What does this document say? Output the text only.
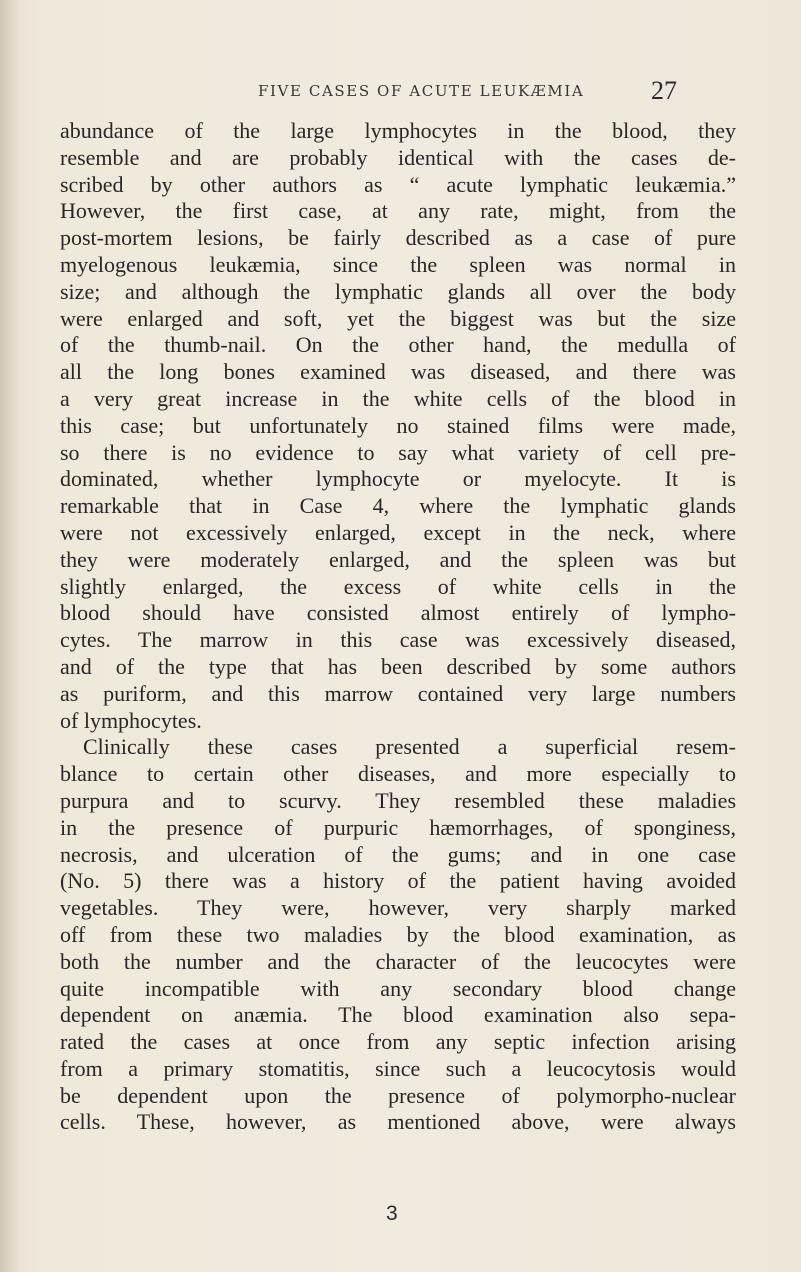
FIVE CASES OF ACUTE LEUKÆMIA	27
abundance of the large lymphocytes in the blood, they
resemble and are probably identical with the cases de-
scribed by other authors as “ acute lymphatic leukæmia.”
However, the first case, at any rate, might, from the
post-mortem lesions, be fairly described as a case of pure
myelogenous leukæmia, since the spleen was normal in
size; and although the lymphatic glands all over the body
were enlarged and soft, yet the biggest was but the size
of the thumb-nail. On the other hand, the medulla of
all the long bones examined was diseased, and there was
a very great increase in the white cells of the blood in
this case; but unfortunately no stained films were made,
so there is no evidence to say what variety of cell pre-
dominated, whether lymphocyte or myelocyte. It is
remarkable that in Case 4, where the lymphatic glands
were not excessively enlarged, except in the neck, where
they were moderately enlarged, and the spleen was but
slightly enlarged, the excess of white cells in the
blood should have consisted almost entirely of lympho-
cytes. The marrow in this case was excessively diseased,
and of the type that has been described by some authors
as puriform, and this marrow contained very large numbers
of lymphocytes.
Clinically these cases presented a superficial resem-
blance to certain other diseases, and more especially to
purpura and to scurvy. They resembled these maladies
in the presence of purpuric hæmorrhages, of sponginess,
necrosis, and ulceration of the gums; and in one case
(No. 5) there was a history of the patient having avoided
vegetables. They were, however, very sharply marked
off from these two maladies by the blood examination, as
both the number and the character of the leucocytes were
quite incompatible with any secondary blood change
dependent on anæmia. The blood examination also sepa-
rated the cases at once from any septic infection arising
from a primary stomatitis, since such a leucocytosis would
be dependent upon the presence of polymorpho-nuclear
cells. These, however, as mentioned above, were always
3
